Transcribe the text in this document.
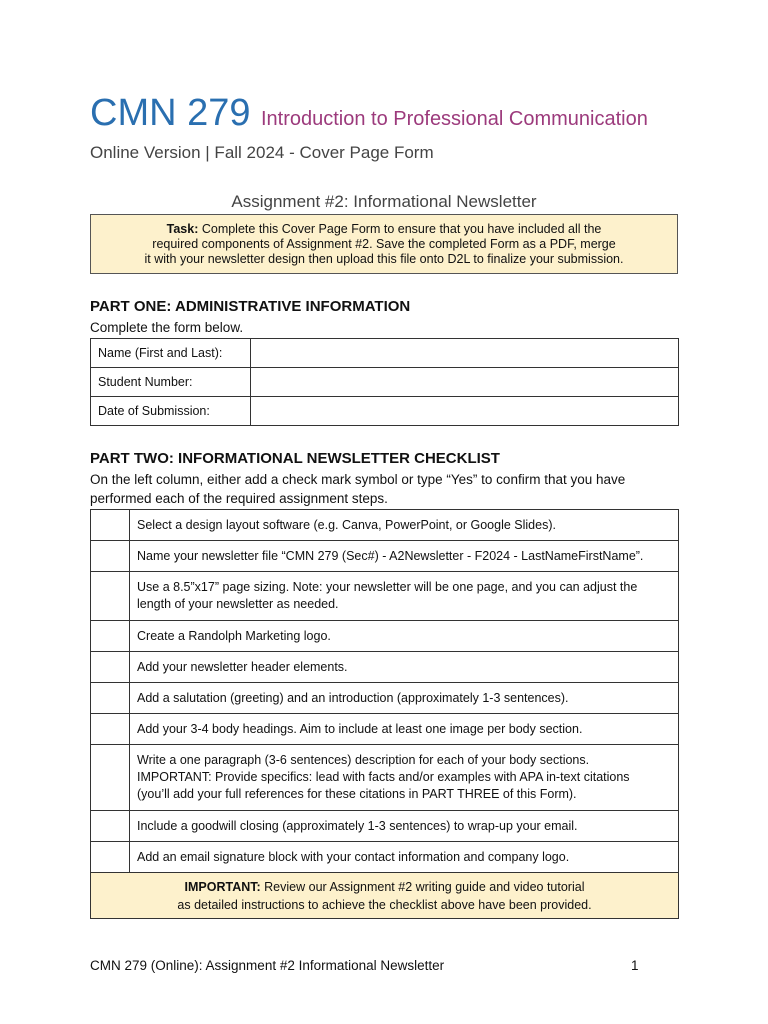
CMN 279 Introduction to Professional Communication
Online Version | Fall 2024 - Cover Page Form
Assignment #2: Informational Newsletter
Task: Complete this Cover Page Form to ensure that you have included all the
required components of Assignment #2. Save the completed Form as a PDF, merge
it with your newsletter design then upload this file onto D2L to finalize your submission.
PART ONE: ADMINISTRATIVE INFORMATION
Complete the form below.
Name (First and Last):	
Student Number:	
Date of Submission:	
PART TWO: INFORMATIONAL NEWSLETTER CHECKLIST
On the left column, either add a check mark symbol or type “Yes” to confirm that you have
performed each of the required assignment steps.
	Select a design layout software (e.g. Canva, PowerPoint, or Google Slides).
	Name your newsletter file “CMN 279 (Sec#) - A2Newsletter - F2024 - LastNameFirstName”.

	Use a 8.5”x17” page sizing. Note: your newsletter will be one page, and you can adjust the
length of your newsletter as needed.

	Create a Randolph Marketing logo.
	Add your newsletter header elements.
	Add a salutation (greeting) and an introduction (approximately 1-3 sentences).
	Add your 3-4 body headings. Aim to include at least one image per body section.

	Write a one paragraph (3-6 sentences) description for each of your body sections.
IMPORTANT: Provide specifics: lead with facts and/or examples with APA in-text citations
(you’ll add your full references for these citations in PART THREE of this Form).

	Include a goodwill closing (approximately 1-3 sentences) to wrap-up your email.
	Add an email signature block with your contact information and company logo.

IMPORTANT: Review our Assignment #2 writing guide and video tutorial
as detailed instructions to achieve the checklist above have been provided.	
CMN 279 (Online): Assignment #2 Informational Newsletter	1
